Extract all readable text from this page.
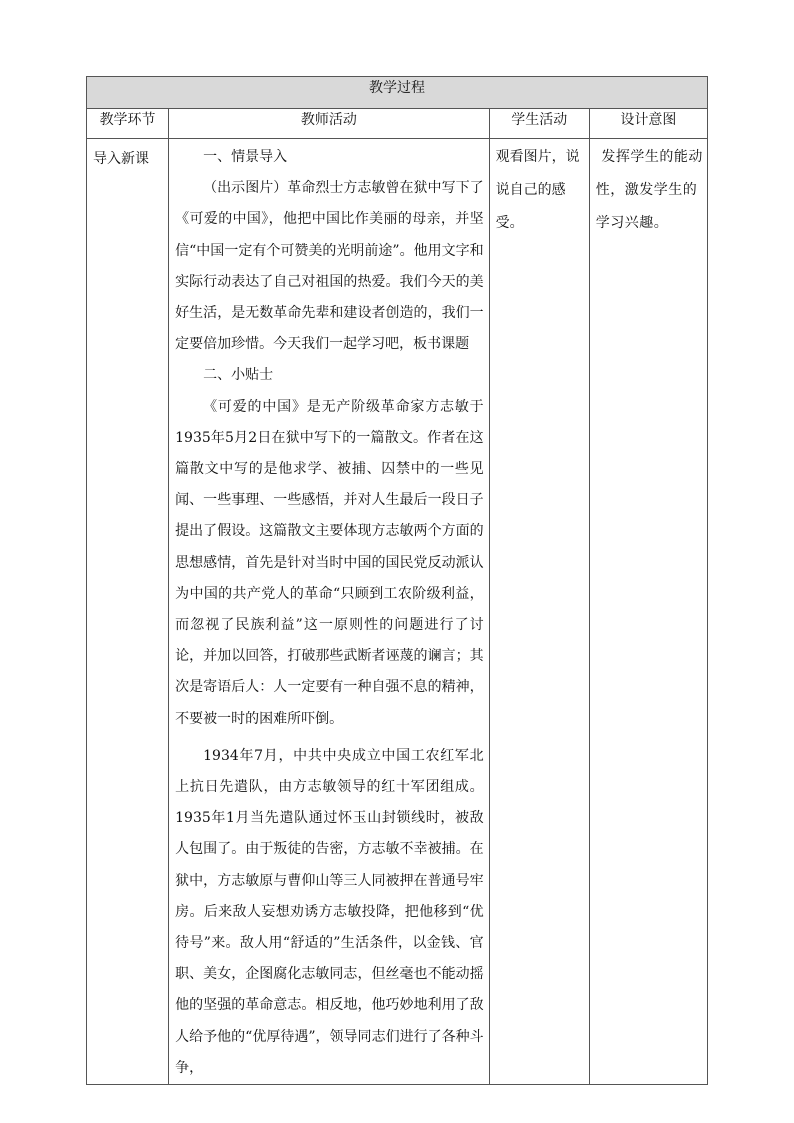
教学过程			
教学环节	教师活动	学生活动	设计意图

导入新课	一、情景导入

（出示图片）革命烈士方志敏曾在狱中写下了《可爱的中国》，他把中国比作美丽的母亲，并坚信“中国一定有个可赞美的光明前途”。他用文字和实际行动表达了自己对祖国的热爱。我们今天的美好生活，是无数革命先辈和建设者创造的，我们一定要倍加珍惜。今天我们一起学习吧，板书课题

二、小贴士

《可爱的中国》是无产阶级革命家方志敏于1935年5月2日在狱中写下的一篇散文。作者在这篇散文中写的是他求学、被捕、囚禁中的一些见闻、一些事理、一些感悟，并对人生最后一段日子提出了假设。这篇散文主要体现方志敏两个方面的思想感情，首先是针对当时中国的国民党反动派认为中国的共产党人的革命“只顾到工农阶级利益，而忽视了民族利益”这一原则性的问题进行了讨论，并加以回答，打破那些武断者诬蔑的谰言；其次是寄语后人：人一定要有一种自强不息的精神，不要被一时的困难所吓倒。

1934年7月，中共中央成立中国工农红军北上抗日先遣队，由方志敏领导的红十军团组成。1935年1月当先遣队通过怀玉山封锁线时，被敌人包围了。由于叛徒的告密，方志敏不幸被捕。在狱中，方志敏原与曹仰山等三人同被押在普通号牢房。后来敌人妄想劝诱方志敏投降，把他移到“优待号”来。敌人用“舒适的”生活条件，以金钱、官职、美女，企图腐化志敏同志，但丝毫也不能动摇他的坚强的革命意志。相反地，他巧妙地利用了敌人给予他的“优厚待遇”，领导同志们进行了各种斗争，	观看图片，说说自己的感受。	发挥学生的能动性，激发学生的学习兴趣。
